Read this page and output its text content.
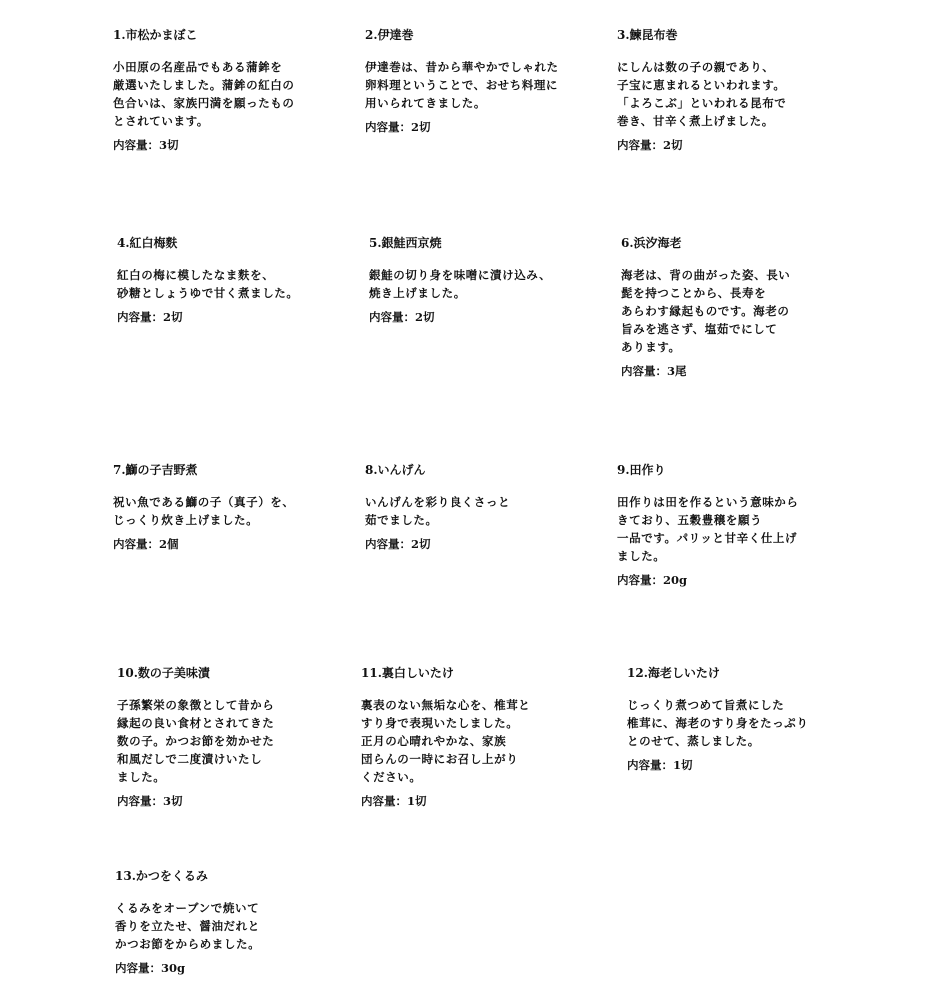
1.市松かまぼこ
小田原の名産品でもある蒲鉾を
厳選いたしました。蒲鉾の紅白の
色合いは、家族円満を願ったもの
とされています。
内容量：3切
2.伊達巻
伊達巻は、昔から華やかでしゃれた
卵料理ということで、おせち料理に
用いられてきました。
内容量：2切
3.鰊昆布巻
にしんは数の子の親であり、
子宝に恵まれるといわれます。
「よろこぶ」といわれる昆布で
巻き、甘辛く煮上げました。
内容量：2切
4.紅白梅麩
紅白の梅に模したなま麩を、
砂糖としょうゆで甘く煮ました。
内容量：2切
5.銀鮭西京焼
銀鮭の切り身を味噌に漬け込み、
焼き上げました。
内容量：2切
6.浜汐海老
海老は、背の曲がった姿、長い
髭を持つことから、長寿を
あらわす縁起ものです。海老の
旨みを逃さず、塩茹でにして
あります。
内容量：3尾
7.鰤の子吉野煮
祝い魚である鰤の子（真子）を、
じっくり炊き上げました。
内容量：2個
8.いんげん
いんげんを彩り良くさっと
茹でました。
内容量：2切
9.田作り
田作りは田を作るという意味から
きており、五穀豊穣を願う
一品です。パリッと甘辛く仕上げ
ました。
内容量：20g
10.数の子美味漬
子孫繁栄の象徴として昔から
縁起の良い食材とされてきた
数の子。かつお節を効かせた
和風だしで二度漬けいたし
ました。
内容量：3切
11.裏白しいたけ
裏表のない無垢な心を、椎茸と
すり身で表現いたしました。
正月の心晴れやかな、家族
団らんの一時にお召し上がり
ください。
内容量：1切
12.海老しいたけ
じっくり煮つめて旨煮にした
椎茸に、海老のすり身をたっぷり
とのせて、蒸しました。
内容量：1切
13.かつをくるみ
くるみをオーブンで焼いて
香りを立たせ、醤油だれと
かつお節をからめました。
内容量：30g
